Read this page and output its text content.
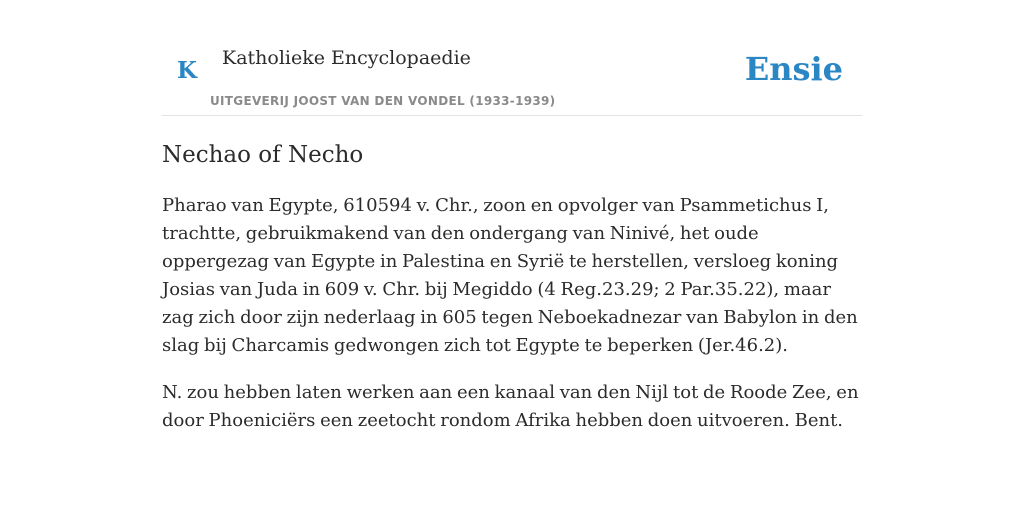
K Katholieke Encyclopaedie
UITGEVERIJ JOOST VAN DEN VONDEL (1933-1939)
Ensie
Nechao of Necho

Pharao van Egypte, 610594 v. Chr., zoon en opvolger van Psammetichus I, trachtte, gebruikmakend van den ondergang van Ninivé, het oude oppergezag van Egypte in Palestina en Syrië te herstellen, versloeg koning Josias van Juda in 609 v. Chr. bij Megiddo (4 Reg.23.29; 2 Par.35.22), maar zag zich door zijn nederlaag in 605 tegen Neboekadnezar van Babylon in den slag bij Charcamis gedwongen zich tot Egypte te beperken (Jer.46.2).

N. zou hebben laten werken aan een kanaal van den Nijl tot de Roode Zee, en door Phoeniciërs een zeetocht rondom Afrika hebben doen uitvoeren. Bent.
